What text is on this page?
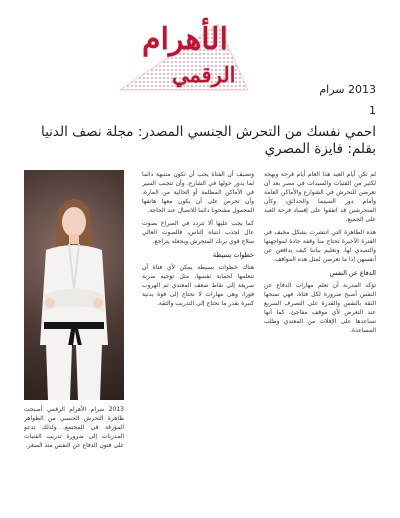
الأهرام
الرقمي
2013 سرام
1
احمي نفسك من التحرش الجنسي المصدر: مجلة نصف الدنيا بقلم: فايزة المصري

لم تكن أيام العيد هذا العام أيام فرحة وبهجة لكثير من الفتيات والسيدات في مصر بعد أن تعرضن للتحرش في الشوارع والأماكن العامة وأمام دور السينما والحدائق، وكأن المتحرشين قد اتفقوا على إفساد فرحة العيد على الجميع.

هذه الظاهرة التي انتشرت بشكل مخيف في الفترة الأخيرة تحتاج منا وقفة جادة لمواجهتها والتصدي لها، وتعليم بناتنا كيف يدافعن عن أنفسهن إذا ما تعرضن لمثل هذه المواقف.

الدفاع عن النفس

تؤكد المدربة أن تعلم مهارات الدفاع عن النفس أصبح ضرورة لكل فتاة، فهي تمنحها الثقة بالنفس والقدرة على التصرف السريع عند التعرض لأي موقف مفاجئ، كما أنها تساعدها على الإفلات من المعتدي وطلب المساعدة.

وتضيف أن الفتاة يجب أن تكون منتبهة دائما لما يدور حولها في الشارع، وأن تتجنب السير في الأماكن المظلمة أو الخالية من المارة، وأن تحرص على أن يكون معها هاتفها المحمول مشحونا دائما للاتصال عند الحاجة.

كما يجب عليها ألا تتردد في الصراخ بصوت عال لجذب انتباه الناس، فالصوت العالي سلاح قوي يربك المتحرش ويجعله يتراجع.

خطوات بسيطة

هناك خطوات بسيطة يمكن لأي فتاة أن تتعلمها لحماية نفسها، مثل توجيه ضربة سريعة إلى نقاط ضعف المعتدي ثم الهروب فورا، وهي مهارات لا تحتاج إلى قوة بدنية كبيرة بقدر ما تحتاج إلى التدريب والثقة.

2013 سرام الأهرام الرقمي أصبحت ظاهرة التحرش الجنسي من الظواهر المؤرقة في المجتمع، ولذلك تدعو المدربات إلى ضرورة تدريب الفتيات على فنون الدفاع عن النفس منذ الصغر.
